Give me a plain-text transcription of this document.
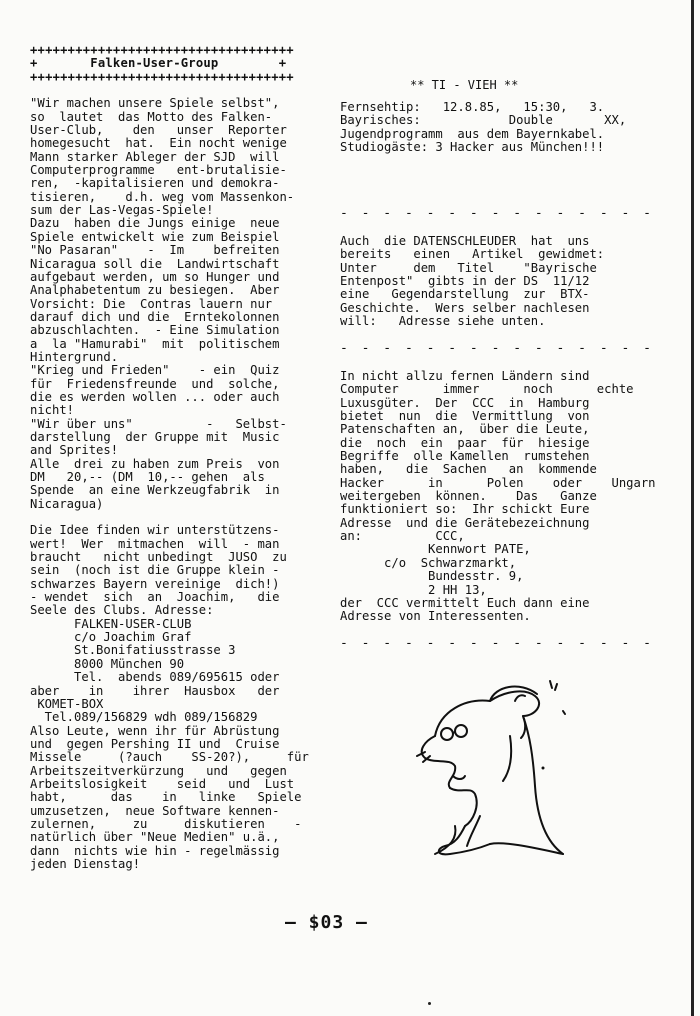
+++++++++++++++++++++++++++++++++++

+       Falken-User-Group        +

+++++++++++++++++++++++++++++++++++

"Wir machen unsere Spiele selbst",

so  lautet  das Motto des Falken-

User-Club,    den   unser  Reporter

homegesucht  hat.  Ein nocht wenige

Mann starker Ableger der SJD  will

Computerprogramme   ent-brutalisie-

ren,  -kapitalisieren und demokra-

tisieren,    d.h. weg vom Massenkon-

sum der Las-Vegas-Spiele!

Dazu  haben die Jungs einige  neue

Spiele entwickelt wie zum Beispiel

"No Pasaran"    -  Im    befreiten

Nicaragua soll die  Landwirtschaft

aufgebaut werden, um so Hunger und

Analphabetentum zu besiegen.  Aber

Vorsicht: Die  Contras lauern nur

darauf dich und die  Erntekolonnen

abzuschlachten.  - Eine Simulation

a  la "Hamurabi"  mit  politischem

Hintergrund.

"Krieg und Frieden"    - ein  Quiz

für  Friedensfreunde  und  solche,

die es werden wollen ... oder auch

nicht!

"Wir über uns"          -   Selbst-

darstellung  der Gruppe mit  Music

and Sprites!

Alle  drei zu haben zum Preis  von

DM   20,-- (DM  10,-- gehen  als

Spende  an eine Werkzeugfabrik  in

Nicaragua)

Die Idee finden wir unterstützens-

wert!  Wer  mitmachen  will  - man

braucht   nicht unbedingt  JUSO  zu

sein  (noch ist die Gruppe klein -

schwarzes Bayern vereinige  dich!)

- wendet  sich  an  Joachim,   die

Seele des Clubs. Adresse:

FALKEN-USER-CLUB

c/o Joachim Graf

St.Bonifatiusstrasse 3

8000 München 90

Tel.  abends 089/695615 oder

aber    in    ihrer  Hausbox   der

KOMET-BOX

Tel.089/156829 wdh 089/156829

Also Leute, wenn ihr für Abrüstung

und  gegen Pershing II und  Cruise

Missele     (?auch    SS-20?),     für

Arbeitszeitverkürzung   und   gegen

Arbeitslosigkeit    seid   und  Lust

habt,      das    in   linke   Spiele

umzusetzen,  neue Software kennen-

zulernen,     zu     diskutieren    -

natürlich über "Neue Medien" u.ä.,

dann  nichts wie hin - regelmässig

jeden Dienstag!

** TI - VIEH **

Fernsehtip:   12.8.85,   15:30,   3.

Bayrisches:            Double       XX,

Jugendprogramm  aus dem Bayernkabel.

Studiogäste: 3 Hacker aus München!!!

- - - - - - - - - - - - - - -

Auch  die DATENSCHLEUDER  hat  uns

bereits   einen   Artikel  gewidmet:

Unter     dem   Titel    "Bayrische

Entenpost"  gibts in der DS  11/12

eine   Gegendarstellung  zur  BTX-

Geschichte.  Wers selber nachlesen

will:   Adresse siehe unten.

- - - - - - - - - - - - - - -

In nicht allzu fernen Ländern sind

Computer      immer      noch      echte

Luxusgüter.  Der  CCC  in  Hamburg

bietet  nun  die  Vermittlung  von

Patenschaften an,  über die Leute,

die  noch  ein  paar  für  hiesige

Begriffe  olle Kamellen  rumstehen

haben,   die  Sachen   an  kommende

Hacker      in      Polen    oder    Ungarn

weitergeben  können.    Das   Ganze

funktioniert so:  Ihr schickt Eure

Adresse  und die Gerätebezeichnung

an:          CCC,

Kennwort PATE,

c/o  Schwarzmarkt,

Bundesstr. 9,

2 HH 13,

der  CCC vermittelt Euch dann eine

Adresse von Interessenten.

- - - - - - - - - - - - - - -
— $03 —
